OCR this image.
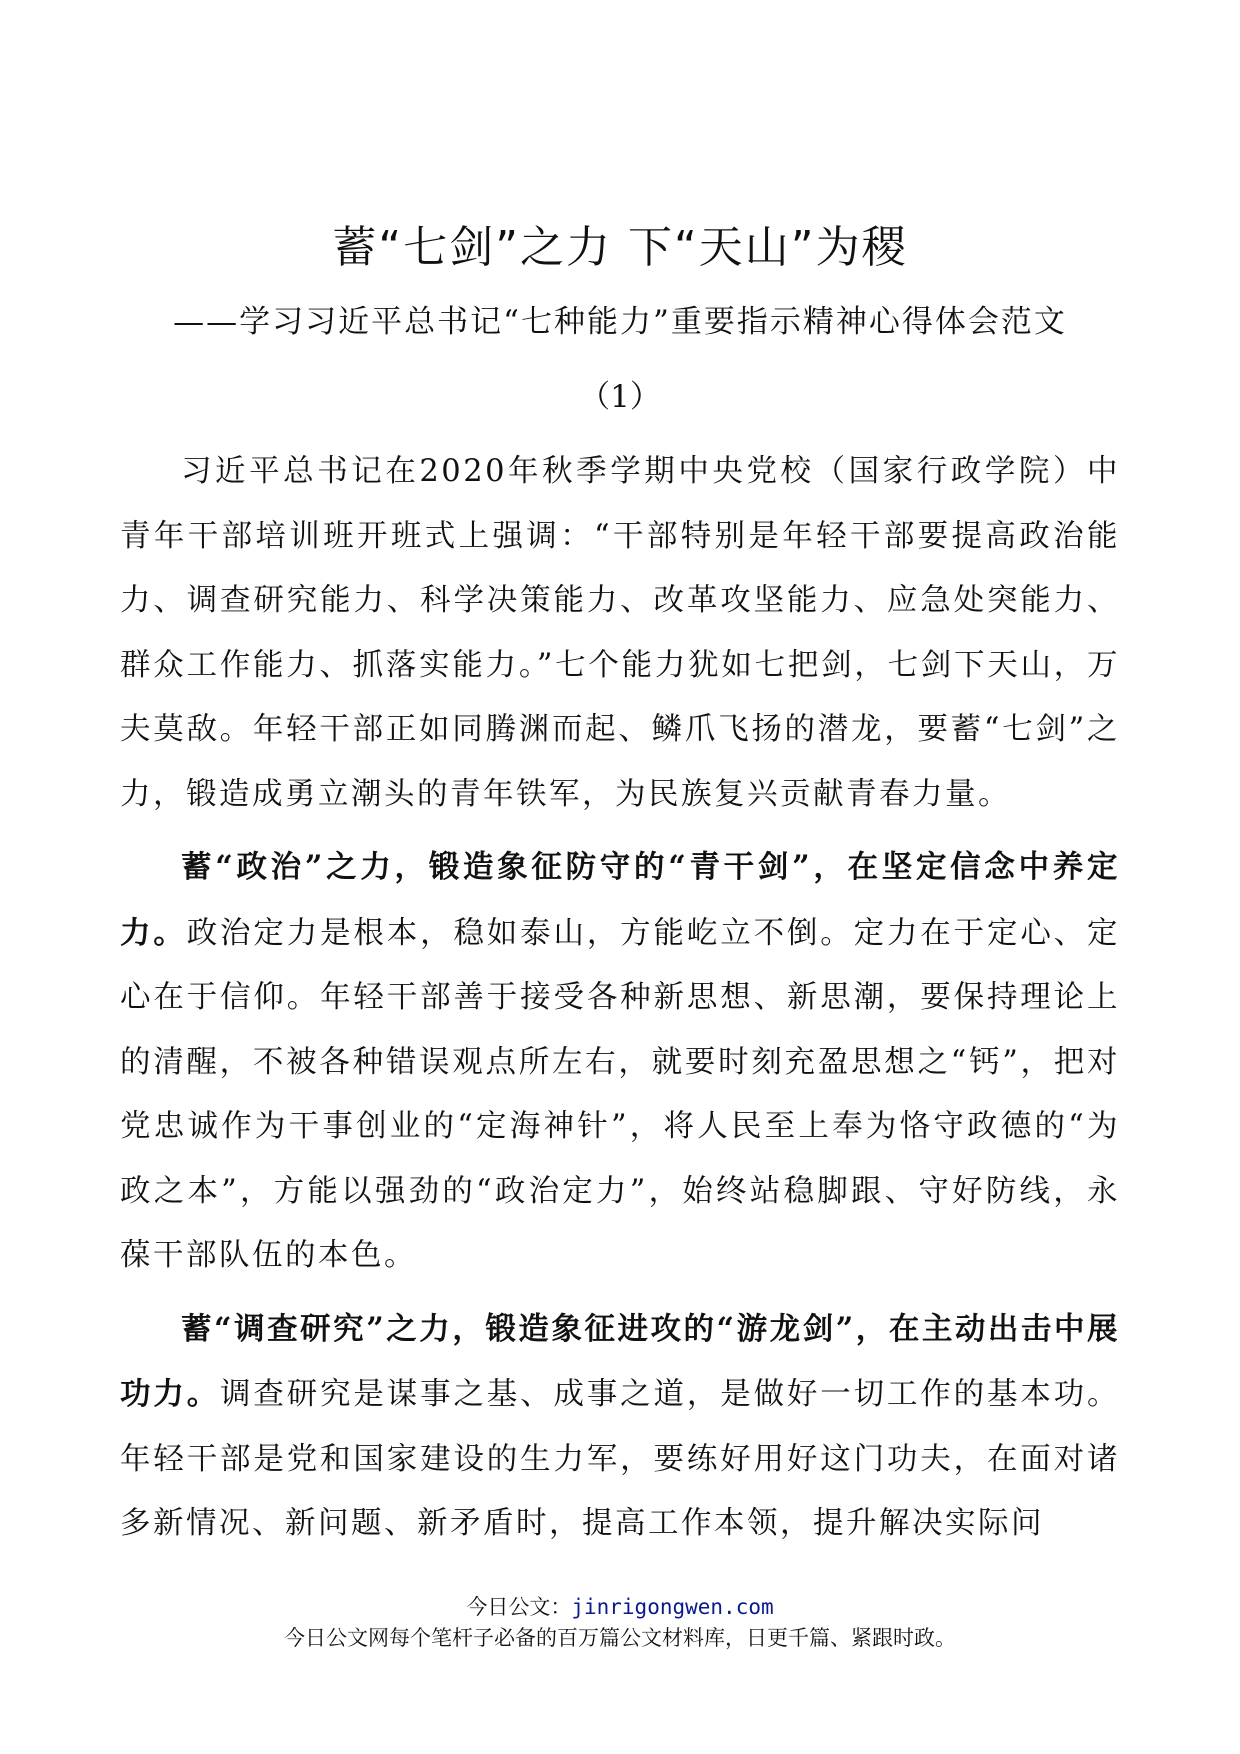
蓄“七剑”之力 下“天山”为稷
——学习习近平总书记“七种能力”重要指示精神心得体会范文
（1）

习近平总书记在2020年秋季学期中央党校（国家行政学院）中青年干部培训班开班式上强调：“干部特别是年轻干部要提高政治能力、调查研究能力、科学决策能力、改革攻坚能力、应急处突能力、群众工作能力、抓落实能力。”七个能力犹如七把剑，七剑下天山，万夫莫敌。年轻干部正如同腾渊而起、鳞爪飞扬的潜龙，要蓄“七剑”之力，锻造成勇立潮头的青年铁军，为民族复兴贡献青春力量。

蓄“政治”之力，锻造象征防守的“青干剑”，在坚定信念中养定力。政治定力是根本，稳如泰山，方能屹立不倒。定力在于定心、定心在于信仰。年轻干部善于接受各种新思想、新思潮，要保持理论上的清醒，不被各种错误观点所左右，就要时刻充盈思想之“钙”，把对党忠诚作为干事创业的“定海神针”，将人民至上奉为恪守政德的“为政之本”，方能以强劲的“政治定力”，始终站稳脚跟、守好防线，永葆干部队伍的本色。

蓄“调查研究”之力，锻造象征进攻的“游龙剑”，在主动出击中展功力。调查研究是谋事之基、成事之道，是做好一切工作的基本功。年轻干部是党和国家建设的生力军，要练好用好这门功夫，在面对诸多新情况、新问题、新矛盾时，提高工作本领，提升解决实际问

今日公文：jinrigongwen.com
今日公文网每个笔杆子必备的百万篇公文材料库，日更千篇、紧跟时政。
